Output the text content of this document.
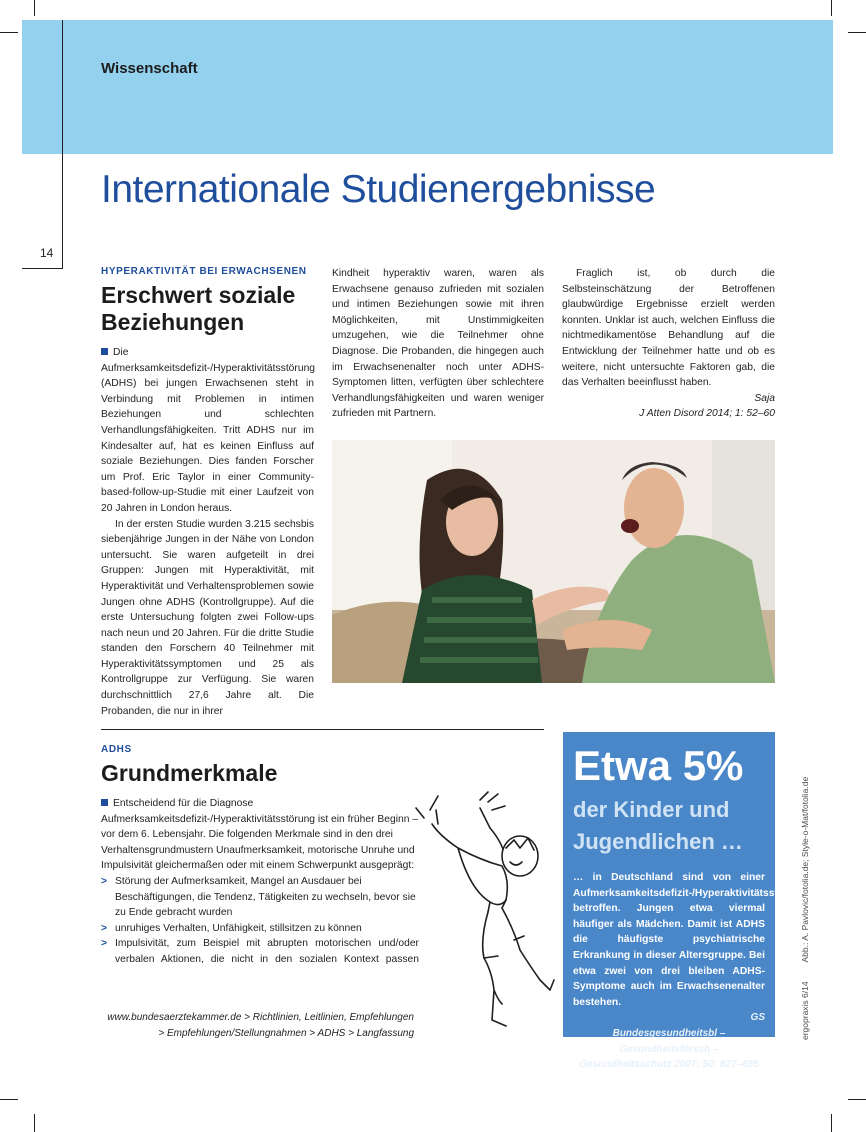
Wissenschaft
14
Internationale Studienergebnisse
HYPERAKTIVITÄT BEI ERWACHSENEN
Erschwert soziale
Beziehungen

Die Aufmerksamkeitsdefizit-/Hyperaktivitätsstörung (ADHS) bei jungen Erwachsenen steht in Verbindung mit Problemen in intimen Beziehungen und schlechten Verhandlungsfähigkeiten. Tritt ADHS nur im Kindesalter auf, hat es keinen Einfluss auf soziale Beziehungen. Dies fanden Forscher um Prof. Eric Taylor in einer Community-based-follow-up-Studie mit einer Laufzeit von 20 Jahren in London heraus.

In der ersten Studie wurden 3.215 sechsbis siebenjährige Jungen in der Nähe von London untersucht. Sie waren aufgeteilt in drei Gruppen: Jungen mit Hyperaktivität, mit Hyperaktivität und Verhaltensproblemen sowie Jungen ohne ADHS (Kontrollgruppe). Auf die erste Untersuchung folgten zwei Follow-ups nach neun und 20 Jahren. Für die dritte Studie standen den Forschern 40 Teilnehmer mit Hyperaktivitätssymptomen und 25 als Kontrollgruppe zur Verfügung. Sie waren durchschnittlich 27,6 Jahre alt. Die Probanden, die nur in ihrer

Kindheit hyperaktiv waren, waren als Erwachsene genauso zufrieden mit sozialen und intimen Beziehungen sowie mit ihren Möglichkeiten, mit Unstimmigkeiten umzugehen, wie die Teilnehmer ohne Diagnose. Die Probanden, die hingegen auch im Erwachsenenalter noch unter ADHS-Symptomen litten, verfügten über schlechtere Verhandlungsfähigkeiten und waren weniger zufrieden mit Partnern.

Fraglich ist, ob durch die Selbsteinschätzung der Betroffenen glaubwürdige Ergebnisse erzielt werden konnten. Unklar ist auch, welchen Einfluss die nichtmedikamentöse Behandlung auf die Entwicklung der Teilnehmer hatte und ob es weitere, nicht untersuchte Faktoren gab, die das Verhalten beeinflusst haben.

Saja
J Atten Disord 2014; 1: 52–60
ADHS
Grundmerkmale

Entscheidend für die Diagnose Aufmerksamkeitsdefizit-/Hyperaktivitätsstörung ist ein früher Beginn – vor dem 6. Lebensjahr. Die folgenden Merkmale sind in den drei Verhaltensgrundmustern Unaufmerksamkeit, motorische Unruhe und Impulsivität gleichermaßen oder mit einem Schwerpunkt ausgeprägt:

> Störung der Aufmerksamkeit, Mangel an Ausdauer bei Beschäftigungen, die Tendenz, Tätigkeiten zu wechseln, bevor sie zu Ende gebracht wurden
> unruhiges Verhalten, Unfähigkeit, stillsitzen zu können
> Impulsivität, zum Beispiel mit abrupten motorischen und/oder verbalen Aktionen, die nicht in den sozialen Kontext passen
www.bundesaerztekammer.de > Richtlinien, Leitlinien, Empfehlungen
> Empfehlungen/Stellungnahmen > ADHS > Langfassung
Etwa 5%
der Kinder und
Jugendlichen …
… in Deutschland sind von einer Aufmerksamkeitsdefizit-/Hyperaktivitätsstörung betroffen. Jungen etwa viermal häufiger als Mädchen. Damit ist ADHS die häufigste psychiatrische Erkrankung in dieser Altersgruppe. Bei etwa zwei von drei bleiben ADHS-Symptome auch im Erwachsenenalter bestehen.
GS
Bundesgesundheitsbl – Gesundheitsforsch –
Gesundheitsschutz 2007; 50: 827–835
ergopraxis 6/14        Abb.: A. Pavlovic/fotolia.de; Style-o-Mat/fotolia.de
